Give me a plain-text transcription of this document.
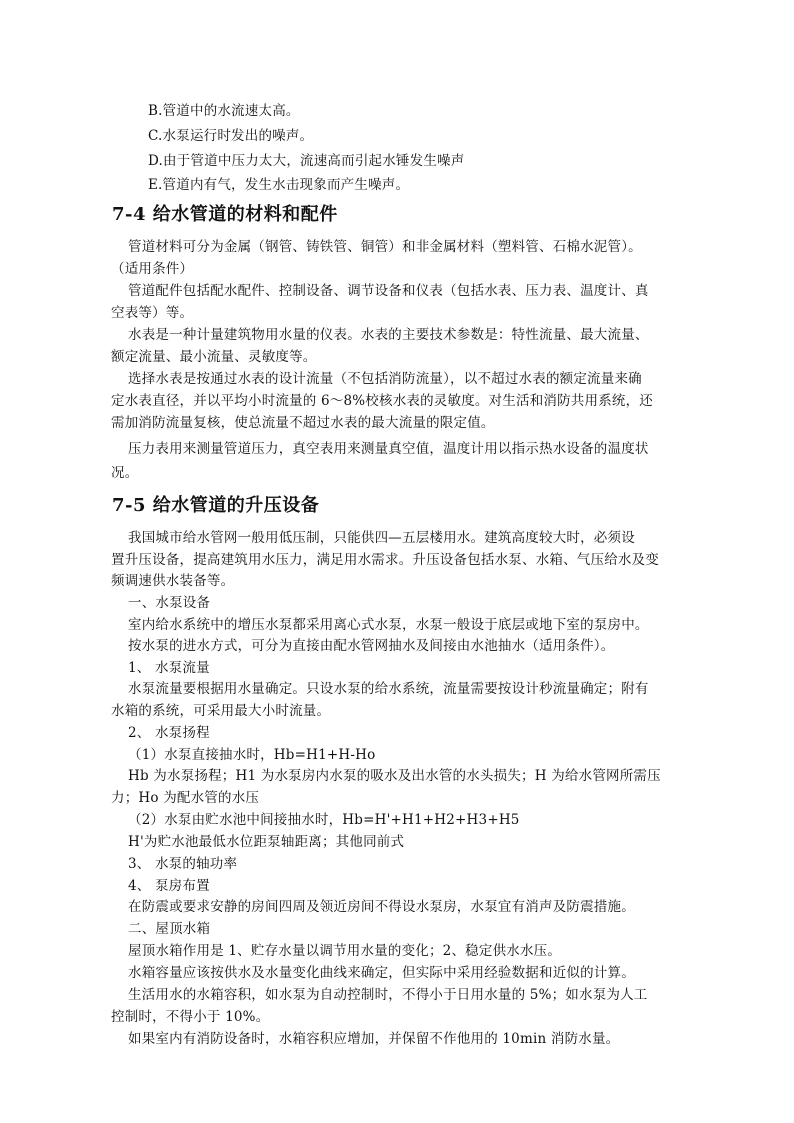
B.管道中的水流速太高。

C.水泵运行时发出的噪声。

D.由于管道中压力太大，流速高而引起水锤发生噪声

E.管道内有气，发生水击现象而产生噪声。

7-4 给水管道的材料和配件

管道材料可分为金属（钢管、铸铁管、铜管）和非金属材料（塑料管、石棉水泥管）。

（适用条件）

管道配件包括配水配件、控制设备、调节设备和仪表（包括水表、压力表、温度计、真

空表等）等。

水表是一种计量建筑物用水量的仪表。水表的主要技术参数是：特性流量、最大流量、

额定流量、最小流量、灵敏度等。

选择水表是按通过水表的设计流量（不包括消防流量），以不超过水表的额定流量来确

定水表直径，并以平均小时流量的 6～8%校核水表的灵敏度。对生活和消防共用系统，还

需加消防流量复核，使总流量不超过水表的最大流量的限定值。

压力表用来测量管道压力，真空表用来测量真空值，温度计用以指示热水设备的温度状

况。

7-5 给水管道的升压设备

我国城市给水管网一般用低压制，只能供四—五层楼用水。建筑高度较大时，必须设

置升压设备，提高建筑用水压力，满足用水需求。升压设备包括水泵、水箱、气压给水及变

频调速供水装备等。

一、水泵设备

室内给水系统中的增压水泵都采用离心式水泵，水泵一般设于底层或地下室的泵房中。

按水泵的进水方式，可分为直接由配水管网抽水及间接由水池抽水（适用条件）。

1、 水泵流量

水泵流量要根据用水量确定。只设水泵的给水系统，流量需要按设计秒流量确定；附有

水箱的系统，可采用最大小时流量。

2、 水泵扬程

（1）水泵直接抽水时，Hb=H1+H-Ho

Hb 为水泵扬程；H1 为水泵房内水泵的吸水及出水管的水头损失；H 为给水管网所需压

力；Ho 为配水管的水压

（2）水泵由贮水池中间接抽水时，Hb=H'+H1+H2+H3+H5

H'为贮水池最低水位距泵轴距离；其他同前式

3、 水泵的轴功率

4、 泵房布置

在防震或要求安静的房间四周及领近房间不得设水泵房，水泵宜有消声及防震措施。

二、屋顶水箱

屋顶水箱作用是 1、贮存水量以调节用水量的变化；2、稳定供水水压。

水箱容量应该按供水及水量变化曲线来确定，但实际中采用经验数据和近似的计算。

生活用水的水箱容积，如水泵为自动控制时，不得小于日用水量的 5%；如水泵为人工

控制时，不得小于 10%。

如果室内有消防设备时，水箱容积应增加，并保留不作他用的 10min 消防水量。
